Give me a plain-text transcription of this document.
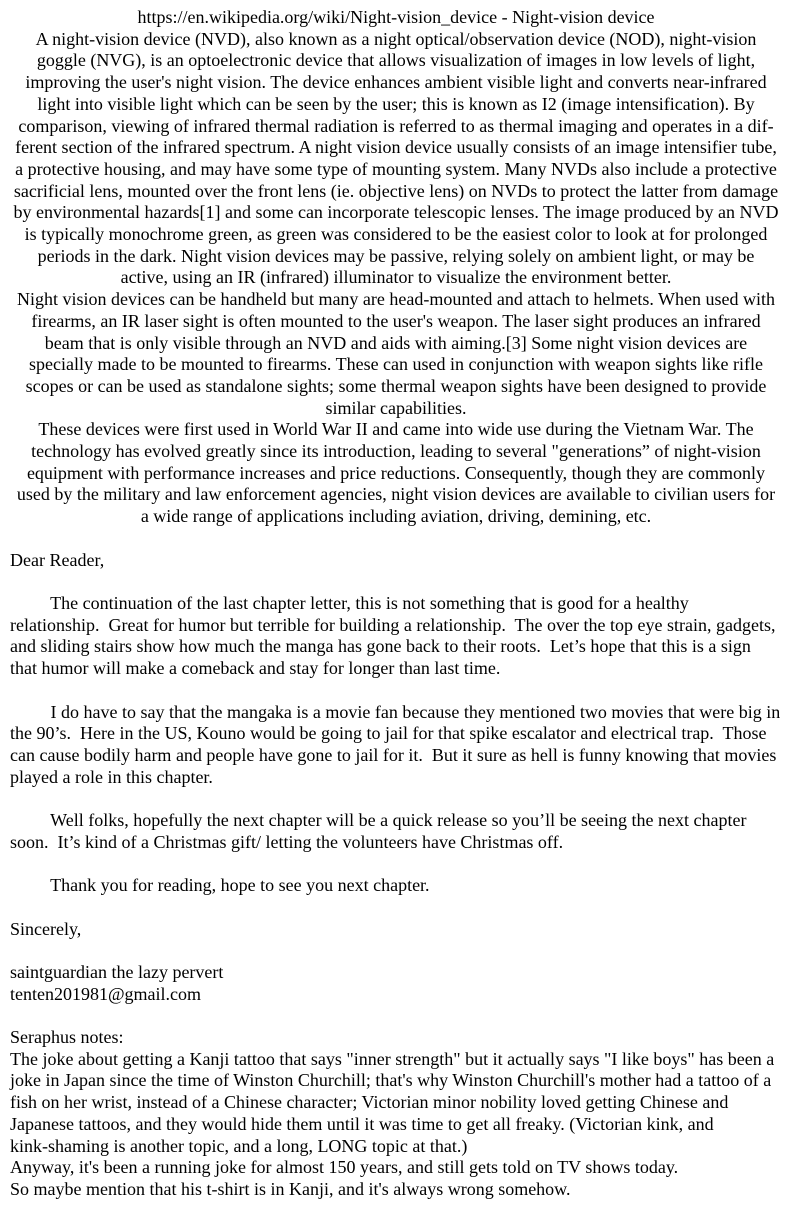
https://en.wikipedia.org/wiki/Night-vision_device - Night-vision device
A night-vision device (NVD), also known as a night optical/observation device (NOD), night-vision
goggle (NVG), is an optoelectronic device that allows visualization of images in low levels of light,
improving the user's night vision. The device enhances ambient visible light and converts near-infrared
light into visible light which can be seen by the user; this is known as I2 (image intensification). By
comparison, viewing of infrared thermal radiation is referred to as thermal imaging and operates in a dif-
ferent section of the infrared spectrum. A night vision device usually consists of an image intensifier tube,
a protective housing, and may have some type of mounting system. Many NVDs also include a protective
sacrificial lens, mounted over the front lens (ie. objective lens) on NVDs to protect the latter from damage
by environmental hazards[1] and some can incorporate telescopic lenses. The image produced by an NVD
is typically monochrome green, as green was considered to be the easiest color to look at for prolonged
periods in the dark. Night vision devices may be passive, relying solely on ambient light, or may be
active, using an IR (infrared) illuminator to visualize the environment better.
Night vision devices can be handheld but many are head-mounted and attach to helmets. When used with
firearms, an IR laser sight is often mounted to the user's weapon. The laser sight produces an infrared
beam that is only visible through an NVD and aids with aiming.[3] Some night vision devices are
specially made to be mounted to firearms. These can used in conjunction with weapon sights like rifle
scopes or can be used as standalone sights; some thermal weapon sights have been designed to provide
similar capabilities.
These devices were first used in World War II and came into wide use during the Vietnam War. The
technology has evolved greatly since its introduction, leading to several "generations” of night-vision
equipment with performance increases and price reductions. Consequently, though they are commonly
used by the military and law enforcement agencies, night vision devices are available to civilian users for
a wide range of applications including aviation, driving, demining, etc.

Dear Reader,

The continuation of the last chapter letter, this is not something that is good for a healthy
relationship.  Great for humor but terrible for building a relationship.  The over the top eye strain, gadgets,
and sliding stairs show how much the manga has gone back to their roots.  Let’s hope that this is a sign
that humor will make a comeback and stay for longer than last time.

I do have to say that the mangaka is a movie fan because they mentioned two movies that were big in
the 90’s.  Here in the US, Kouno would be going to jail for that spike escalator and electrical trap.  Those
can cause bodily harm and people have gone to jail for it.  But it sure as hell is funny knowing that movies
played a role in this chapter.

Well folks, hopefully the next chapter will be a quick release so you’ll be seeing the next chapter
soon.  It’s kind of a Christmas gift/ letting the volunteers have Christmas off.

Thank you for reading, hope to see you next chapter.

Sincerely,

saintguardian the lazy pervert
tenten201981@gmail.com

Seraphus notes:
The joke about getting a Kanji tattoo that says "inner strength" but it actually says "I like boys" has been a
joke in Japan since the time of Winston Churchill; that's why Winston Churchill's mother had a tattoo of a
fish on her wrist, instead of a Chinese character; Victorian minor nobility loved getting Chinese and
Japanese tattoos, and they would hide them until it was time to get all freaky. (Victorian kink, and
kink-shaming is another topic, and a long, LONG topic at that.)
Anyway, it's been a running joke for almost 150 years, and still gets told on TV shows today.
So maybe mention that his t-shirt is in Kanji, and it's always wrong somehow.
